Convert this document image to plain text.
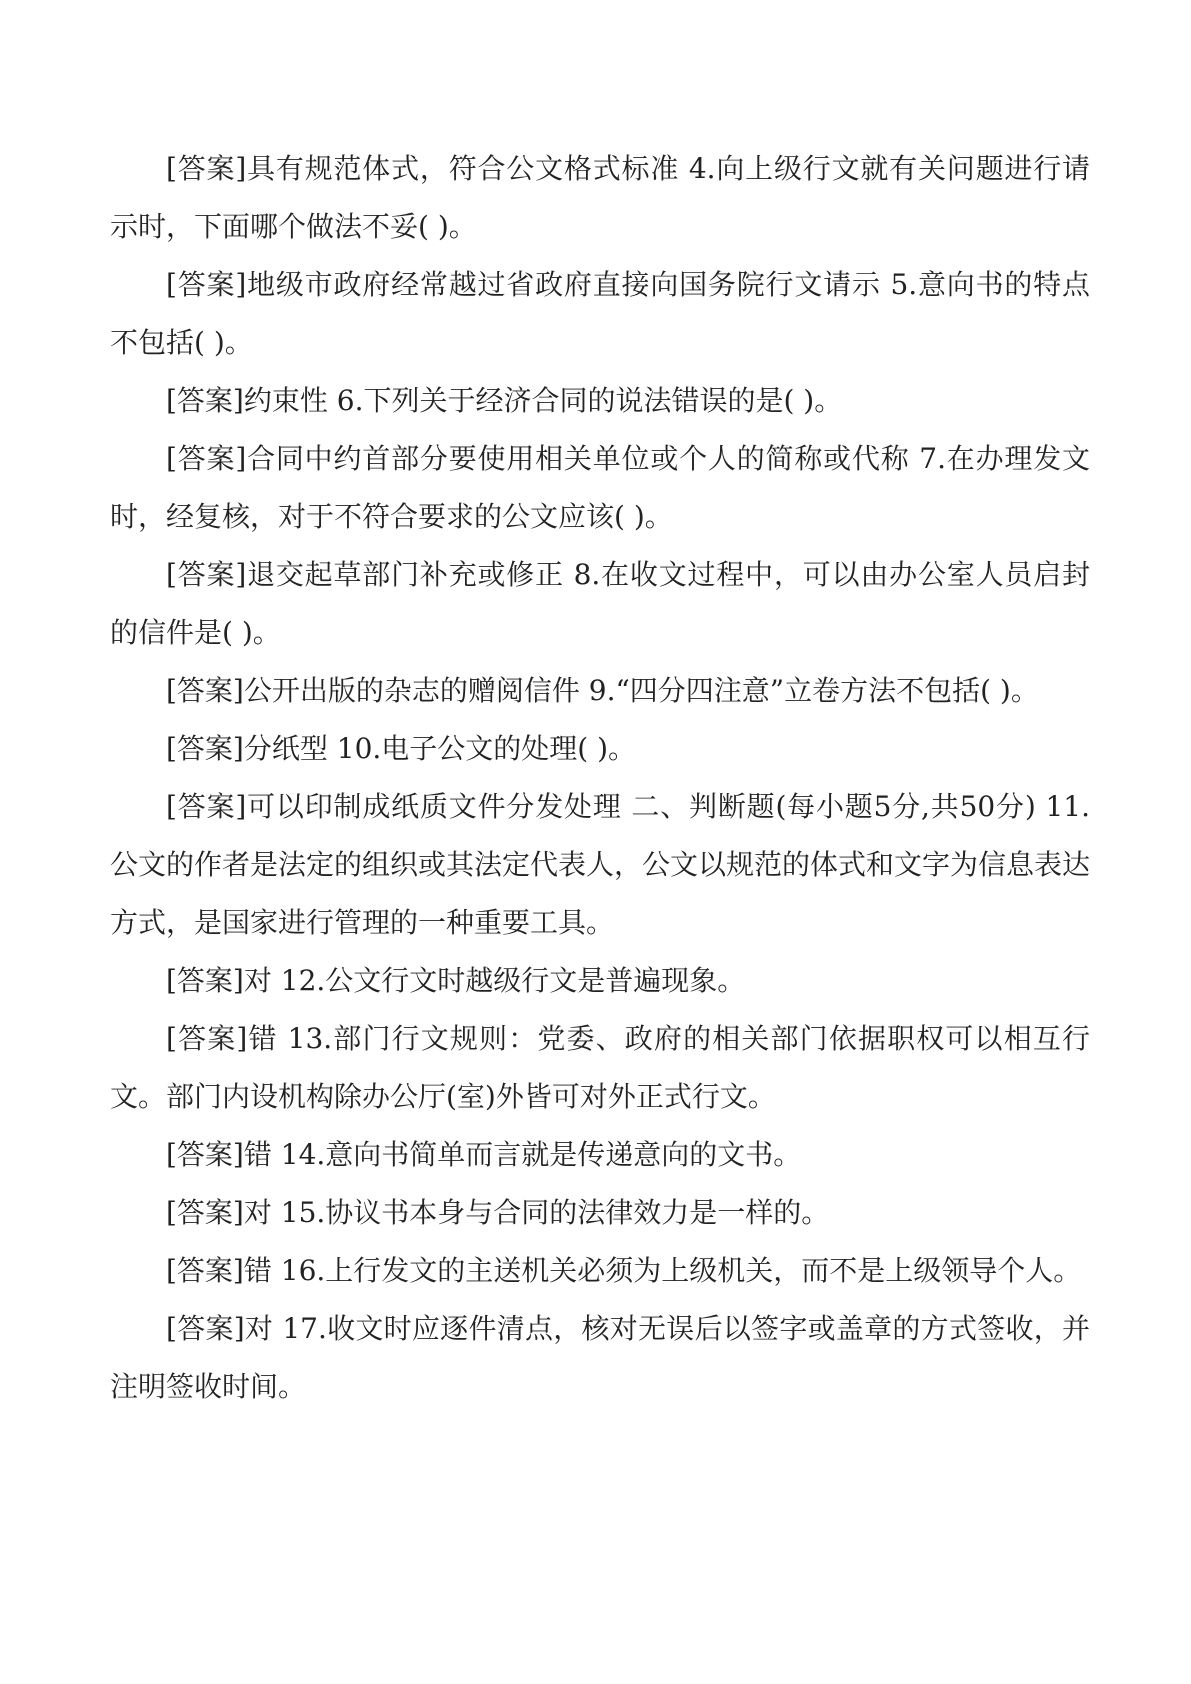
[答案]具有规范体式，符合公文格式标准 4.向上级行文就有关问题进行请示时，下面哪个做法不妥( )。

[答案]地级市政府经常越过省政府直接向国务院行文请示 5.意向书的特点不包括( )。

[答案]约束性 6.下列关于经济合同的说法错误的是( )。

[答案]合同中约首部分要使用相关单位或个人的简称或代称 7.在办理发文时，经复核，对于不符合要求的公文应该( )。

[答案]退交起草部门补充或修正 8.在收文过程中，可以由办公室人员启封的信件是( )。

[答案]公开出版的杂志的赠阅信件 9.“四分四注意”立卷方法不包括( )。

[答案]分纸型 10.电子公文的处理( )。

[答案]可以印制成纸质文件分发处理 二、判断题(每小题5分,共50分) 11.公文的作者是法定的组织或其法定代表人，公文以规范的体式和文字为信息表达方式，是国家进行管理的一种重要工具。

[答案]对 12.公文行文时越级行文是普遍现象。

[答案]错 13.部门行文规则：党委、政府的相关部门依据职权可以相互行文。部门内设机构除办公厅(室)外皆可对外正式行文。

[答案]错 14.意向书简单而言就是传递意向的文书。

[答案]对 15.协议书本身与合同的法律效力是一样的。

[答案]错 16.上行发文的主送机关必须为上级机关，而不是上级领导个人。

[答案]对 17.收文时应逐件清点，核对无误后以签字或盖章的方式签收，并注明签收时间。
